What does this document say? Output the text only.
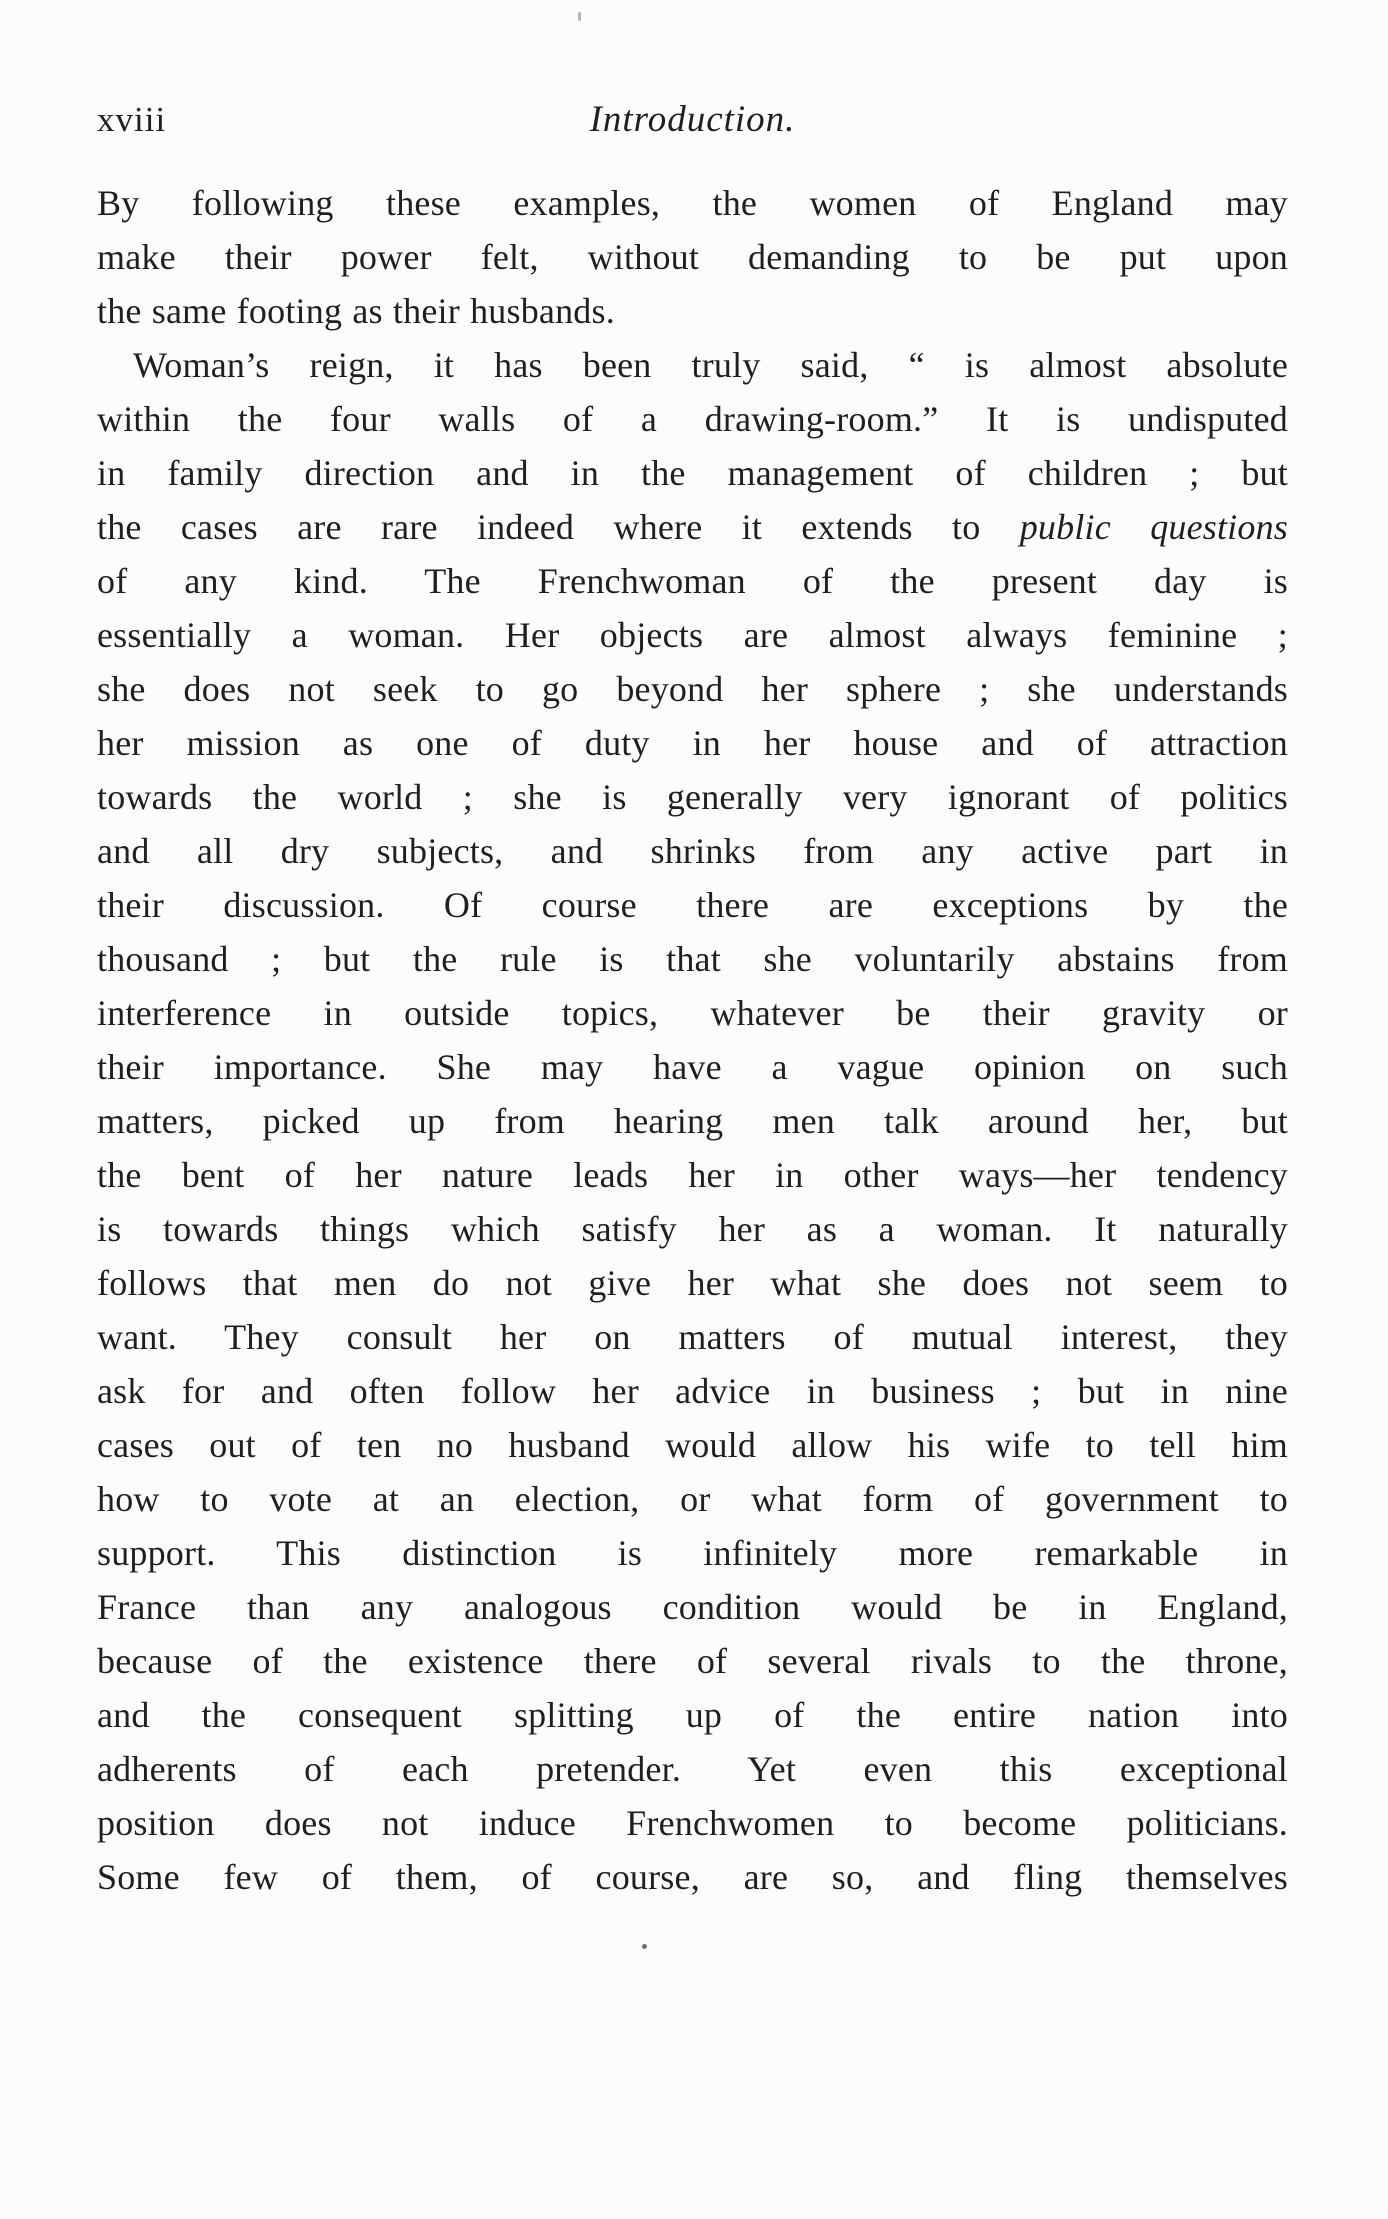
xviii	Introduction.
By following these examples, the women of England may
make their power felt, without demanding to be put upon
the same footing as their husbands.
Woman’s reign, it has been truly said, “ is almost absolute
within the four walls of a drawing-room.” It is undisputed
in family direction and in the management of children ; but
the cases are rare indeed where it extends to public questions
of any kind. The Frenchwoman of the present day is
essentially a woman. Her objects are almost always feminine ;
she does not seek to go beyond her sphere ; she understands
her mission as one of duty in her house and of attraction
towards the world ; she is generally very ignorant of politics
and all dry subjects, and shrinks from any active part in
their discussion. Of course there are exceptions by the
thousand ; but the rule is that she voluntarily abstains from
interference in outside topics, whatever be their gravity or
their importance. She may have a vague opinion on such
matters, picked up from hearing men talk around her, but
the bent of her nature leads her in other ways—her tendency
is towards things which satisfy her as a woman. It naturally
follows that men do not give her what she does not seem to
want. They consult her on matters of mutual interest, they
ask for and often follow her advice in business ; but in nine
cases out of ten no husband would allow his wife to tell him
how to vote at an election, or what form of government to
support. This distinction is infinitely more remarkable in
France than any analogous condition would be in England,
because of the existence there of several rivals to the throne,
and the consequent splitting up of the entire nation into
adherents of each pretender. Yet even this exceptional
position does not induce Frenchwomen to become politicians.
Some few of them, of course, are so, and fling themselves
